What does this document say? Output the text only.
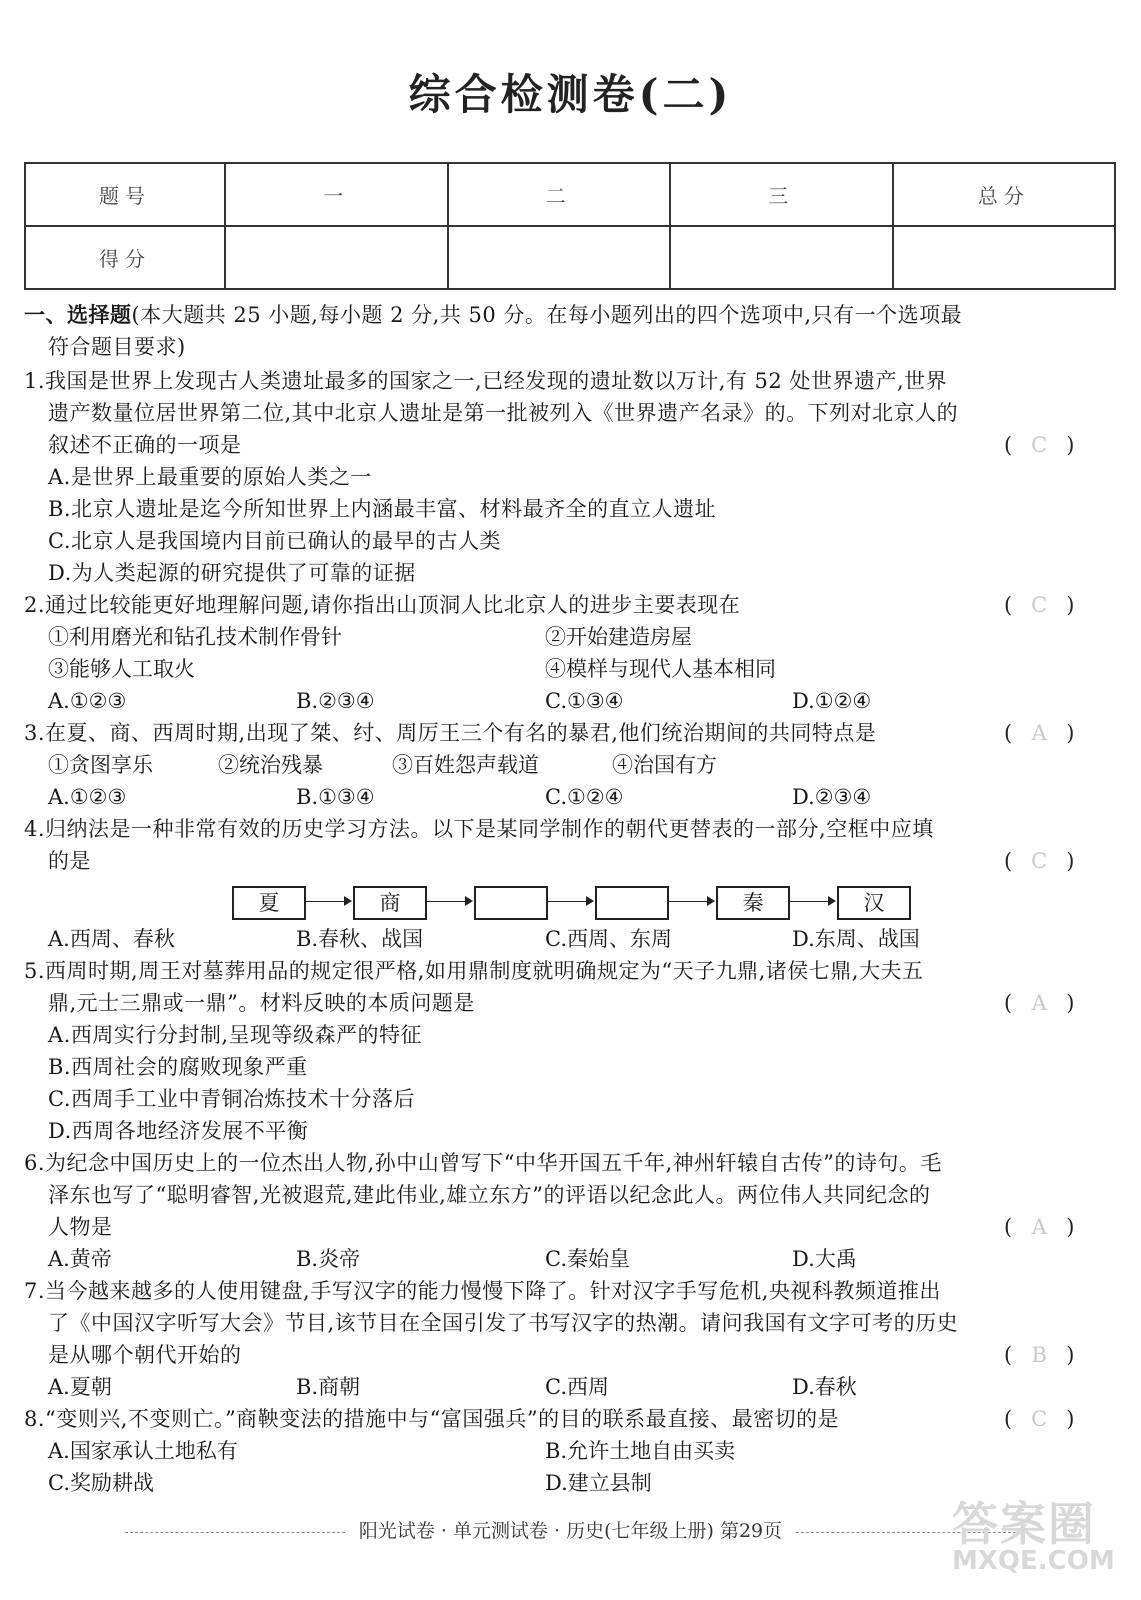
综合检测卷(二)
题号	一	二	三	总分
得分				
一、选择题(本大题共 25 小题,每小题 2 分,共 50 分。在每小题列出的四个选项中,只有一个选项最
符合题目要求)
1.我国是世界上发现古人类遗址最多的国家之一,已经发现的遗址数以万计,有 52 处世界遗产,世界
遗产数量位居世界第二位,其中北京人遗址是第一批被列入《世界遗产名录》的。下列对北京人的
叙述不正确的一项是	( C )
A.是世界上最重要的原始人类之一
B.北京人遗址是迄今所知世界上内涵最丰富、材料最齐全的直立人遗址
C.北京人是我国境内目前已确认的最早的古人类
D.为人类起源的研究提供了可靠的证据
2.通过比较能更好地理解问题,请你指出山顶洞人比北京人的进步主要表现在	( C )
①利用磨光和钻孔技术制作骨针	②开始建造房屋
③能够人工取火	④模样与现代人基本相同
A.①②③	B.②③④	C.①③④	D.①②④
3.在夏、商、西周时期,出现了桀、纣、周厉王三个有名的暴君,他们统治期间的共同特点是	( A )
①贪图享乐	②统治残暴	③百姓怨声载道	④治国有方
A.①②③	B.①③④	C.①②④	D.②③④
4.归纳法是一种非常有效的历史学习方法。以下是某同学制作的朝代更替表的一部分,空框中应填
的是	( C )
夏	商	秦	汉
A.西周、春秋	B.春秋、战国	C.西周、东周	D.东周、战国
5.西周时期,周王对墓葬用品的规定很严格,如用鼎制度就明确规定为“天子九鼎,诸侯七鼎,大夫五
鼎,元士三鼎或一鼎”。材料反映的本质问题是	( A )
A.西周实行分封制,呈现等级森严的特征
B.西周社会的腐败现象严重
C.西周手工业中青铜冶炼技术十分落后
D.西周各地经济发展不平衡
6.为纪念中国历史上的一位杰出人物,孙中山曾写下“中华开国五千年,神州轩辕自古传”的诗句。毛
泽东也写了“聪明睿智,光被遐荒,建此伟业,雄立东方”的评语以纪念此人。两位伟人共同纪念的
人物是	( A )
A.黄帝	B.炎帝	C.秦始皇	D.大禹
7.当今越来越多的人使用键盘,手写汉字的能力慢慢下降了。针对汉字手写危机,央视科教频道推出
了《中国汉字听写大会》节目,该节目在全国引发了书写汉字的热潮。请问我国有文字可考的历史
是从哪个朝代开始的	( B )
A.夏朝	B.商朝	C.西周	D.春秋
8.“变则兴,不变则亡。”商鞅变法的措施中与“富国强兵”的目的联系最直接、最密切的是	( C )
A.国家承认土地私有	B.允许土地自由买卖
C.奖励耕战	D.建立县制
阳光试卷 · 单元测试卷 · 历史(七年级上册) 第29页	答案圈
MXQE.COM
